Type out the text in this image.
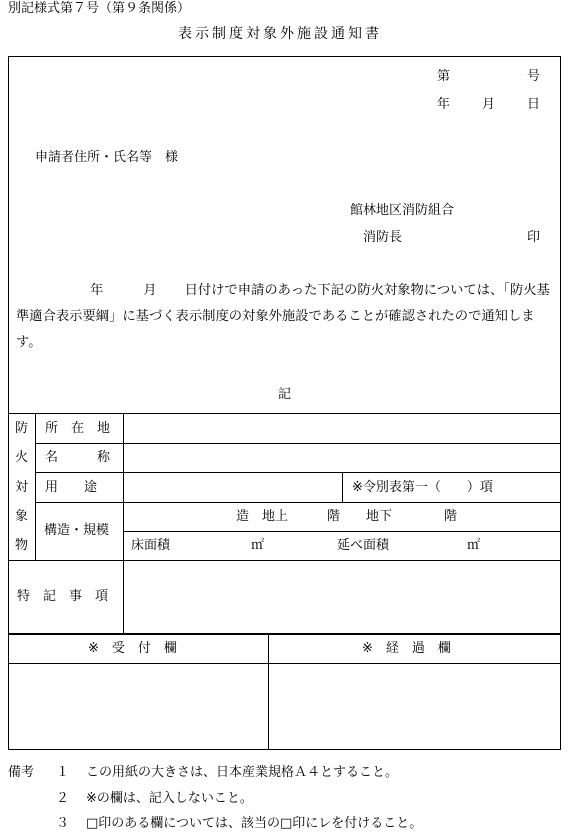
別記様式第７号（第９条関係）
表示制度対象外施設通知書
第	号
年 月 日
申請者住所・氏名等　様
館林地区消防組合
消防長	印
年	月 日付けで申請のあった下記の防火対象物については、「防火基準適合表示要綱」に基づく表示制度の対象外施設であることが確認されたので通知します。
記
防
火
対
象
物
所　在　地
名　　　称
用　　途	※令別表第一（　　）項
構造・規模
造　地上　　　階　　地下　　　　階
床面積	㎡	延べ面積	㎡
特　記　事　項
※　受　付　欄	※　経　過　欄
備考 １ この用紙の大きさは、日本産業規格Ａ４とすること。
２ ※の欄は、記入しないこと。
３ □印のある欄については、該当の□印にレを付けること。
